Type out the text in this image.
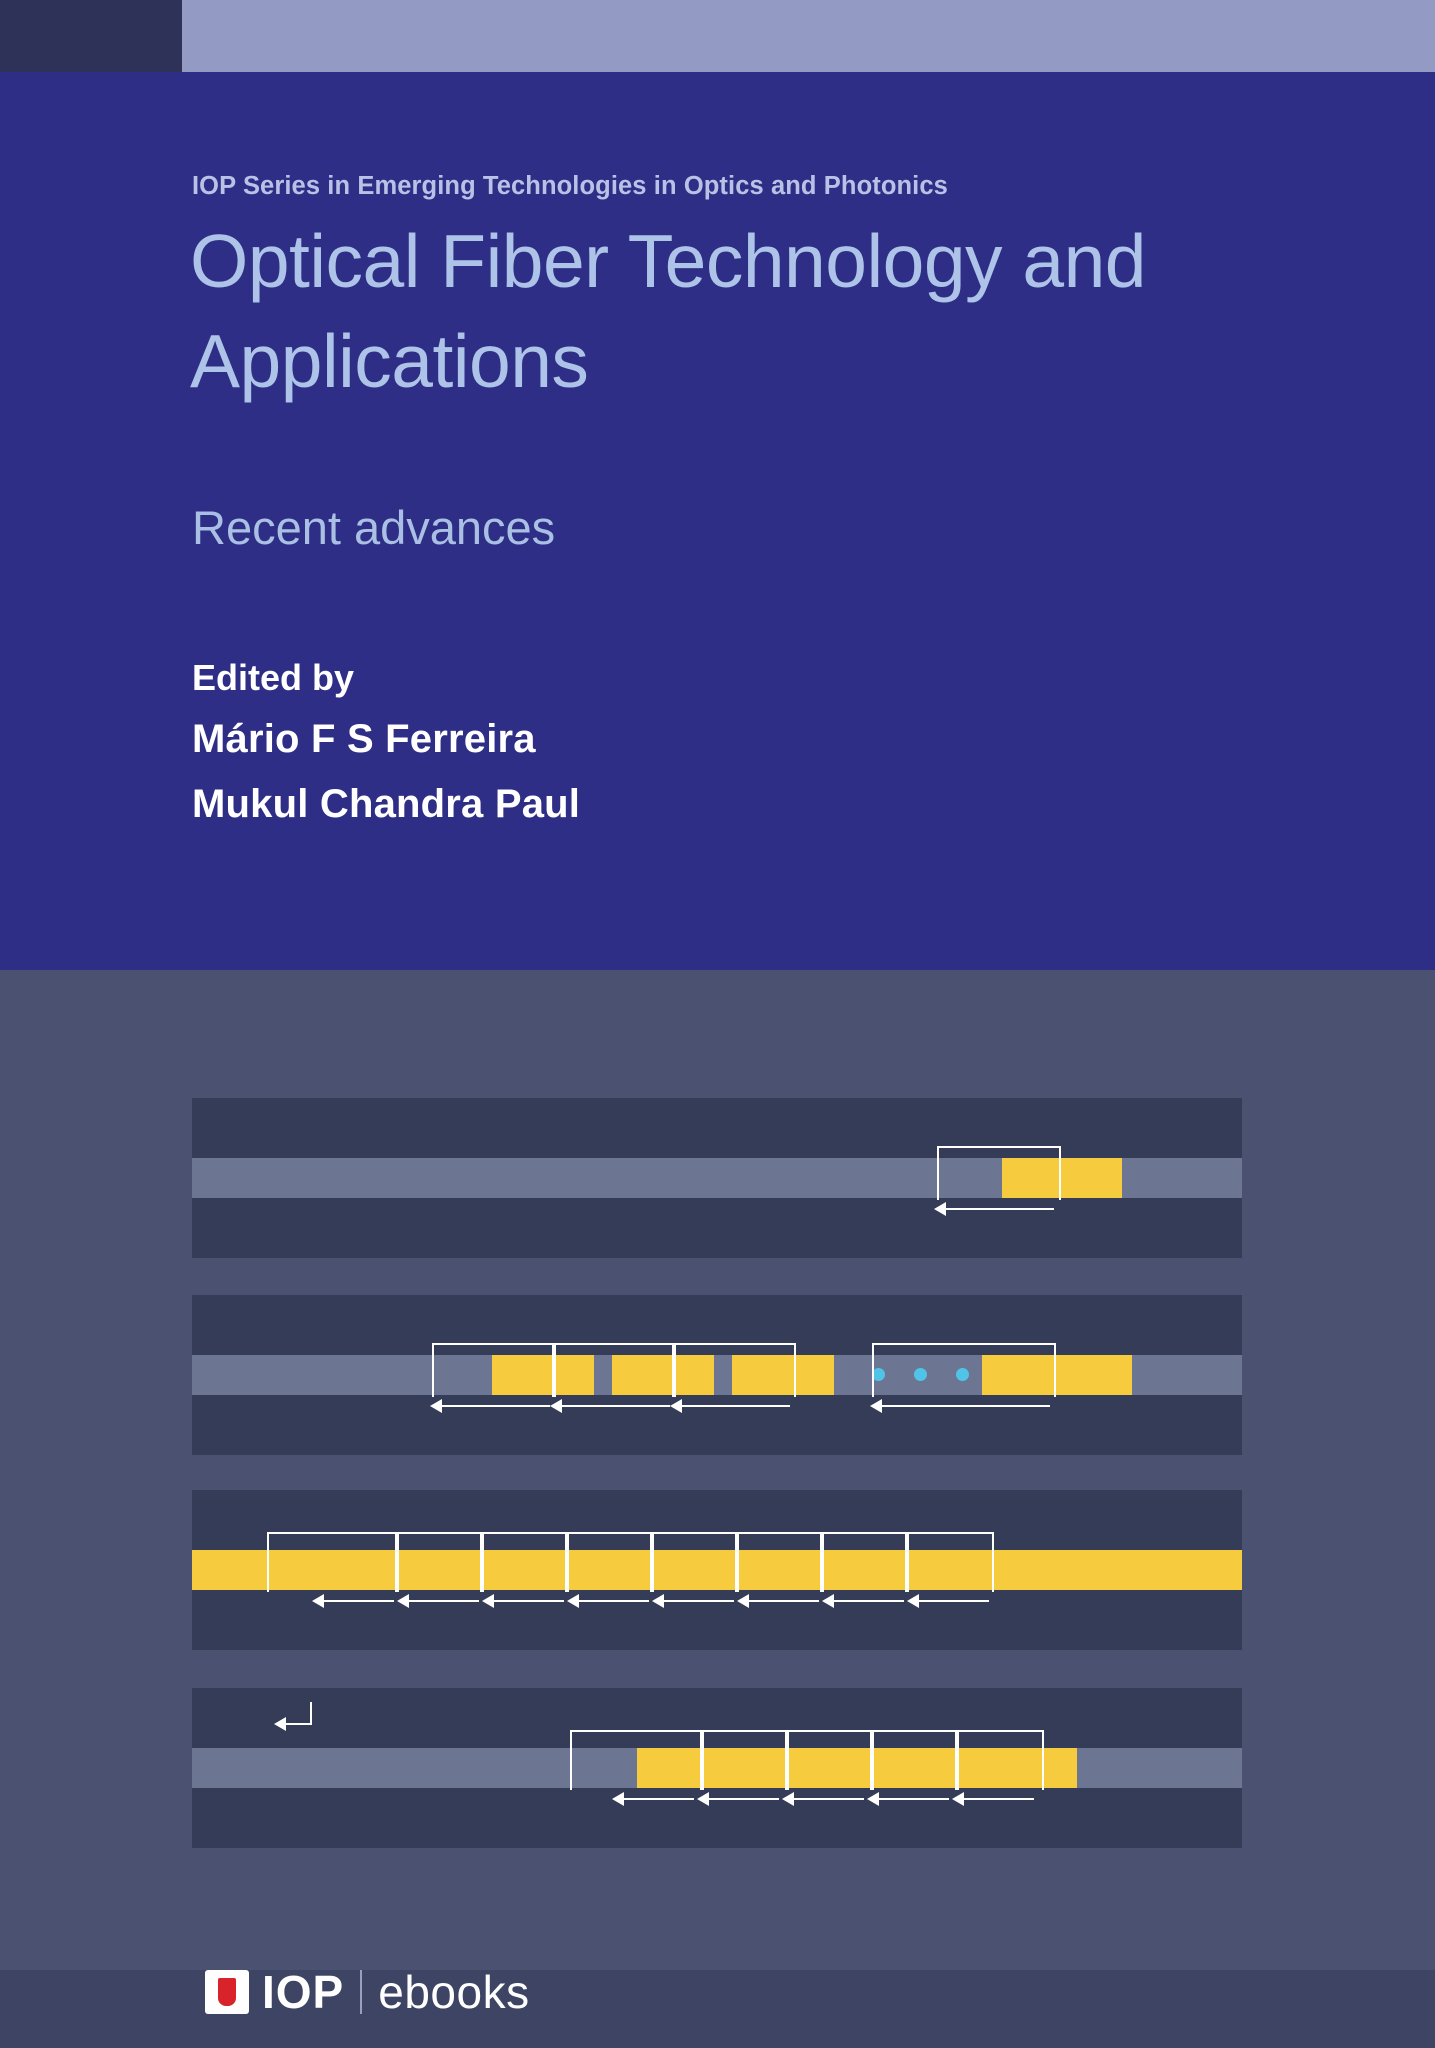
IOP Series in Emerging Technologies in Optics and Photonics
Optical Fiber Technology and Applications
Recent advances
Edited by
Mário F S Ferreira
Mukul Chandra Paul
IOP ebooks
